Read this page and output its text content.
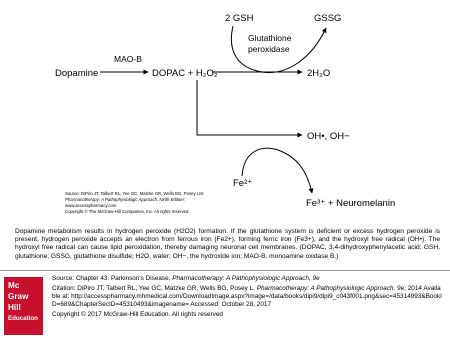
2 GSH	GSSG
Glutathione
peroxidase
Dopamine
MAO-B
DOPAC + H₂O₂	2H₂O
OH•, OH−
Fe²⁺
Fe³⁺ + Neuromelanin
Source: DiPiro JT, Talbert RL, Yee GC, Matzke GR, Wells BG, Posey LM:
Pharmacotherapy: A Pathophysiologic Approach, Ninth Edition:
www.accesspharmacy.com
Copyright © The McGraw-Hill Companies, Inc. All rights reserved.
Dopamine metabolism results in hydrogen peroxide (H2O2) formation. If the glutathione system is deficient or excess hydrogen peroxide is present, hydrogen peroxide accepts an electron from ferrous iron (Fe2+), forming ferric iron (Fe3+), and the hydroxyl free radical (OH•). The hydroxyl free radical can cause lipid peroxidation, thereby damaging neuronal cell membranes. (DOPAC, 3,4-dihydroxyphenylacetic acid; GSH, glutathione; GSSG, glutathione disulfide; H2O, water; OH−, the hydroxide ion; MAO-B, monoamine oxidase B.)
Mc
Graw
Hill
Education
Source: Chapter 43. Parkinson's Disease, Pharmacotherapy: A Pathophysiologic Approach, 9e
Citation: DiPiro JT, Talbert RL, Yee GC, Matzke GR, Wells BG, Posey L. Pharmacotherapy: A Pathophysiologic Approach, 9e; 2014 Available at: http://accesspharmacy.mhmedical.com/DownloadImage.aspx?image=/data/books/dipi9/dipi9_c043f001.png&sec=45314993&BookID=689&ChapterSecID=45310493&imagename= Accessed: October 28, 2017
Copyright © 2017 McGraw-Hill Education. All rights reserved
